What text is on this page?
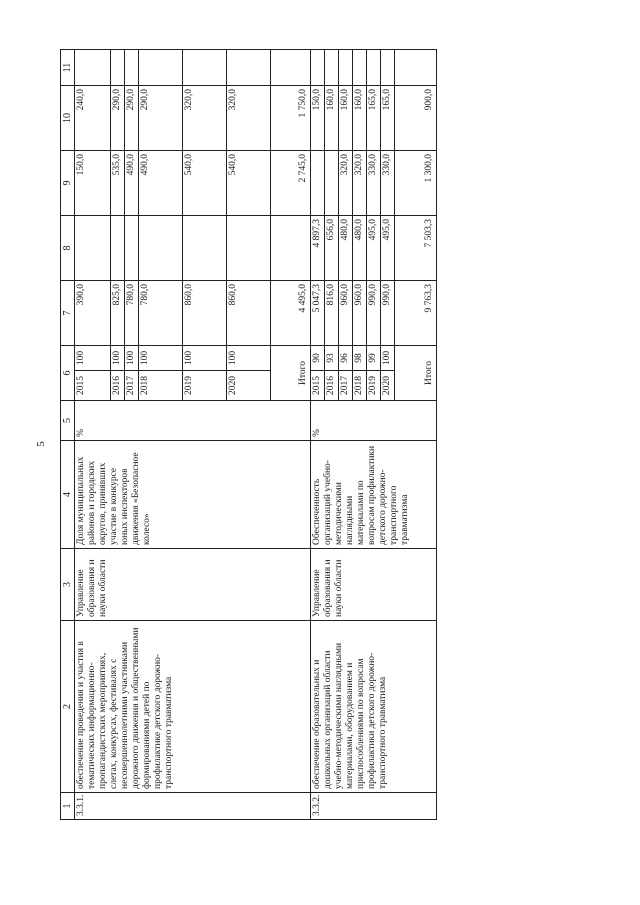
5
1	2	3	4	5	6		7	8	9	10	11
3.3.1.	обеспечение проведения и участия в тематических информационно-пропагандистских мероприятиях, слетах, конкурсах, фестивалях с несовершеннолетними участниками дорожного движения и общественными формированиями детей по профилактике детского дорожно-транспортного травматизма	Управление образования и науки области	Доля муниципальных районов и городских округов, принявших участие в конкурсе юных инспекторов движения «Безопасное колесо»	%	2015	100	390,0		150,0	240,0	
					2016	100	825,0		535,0	290,0	
					2017	100	780,0		490,0	290,0	
					2018	100	780,0		490,0	290,0	
					2019	100	860,0		540,0	320,0	
					2020	100	860,0		540,0	320,0	
					Итого		4 495,0		2 745,0	1 750,0	
3.3.2.	обеспечение образовательных и дошкольных организаций области учебно-методическими наглядными материалами, оборудованием и приспособлениями по вопросам профилактики детского дорожно-транспортного травматизма	Управление образования и науки области	Обеспеченность организаций учебно-методическими наглядными материалами по вопросам профилактики детского дорожно-транспортного травматизма	%	2015	90	5 047,3	4 897,3		150,0	
					2016	93	816,0	656,0		160,0	
					2017	96	960,0	480,0	320,0	160,0	
					2018	98	960,0	480,0	320,0	160,0	
					2019	99	990,0	495,0	330,0	165,0	
					2020	100	990,0	495,0	330,0	165,0	
					Итого		9 763,3	7 503,3	1 300,0	900,0	
